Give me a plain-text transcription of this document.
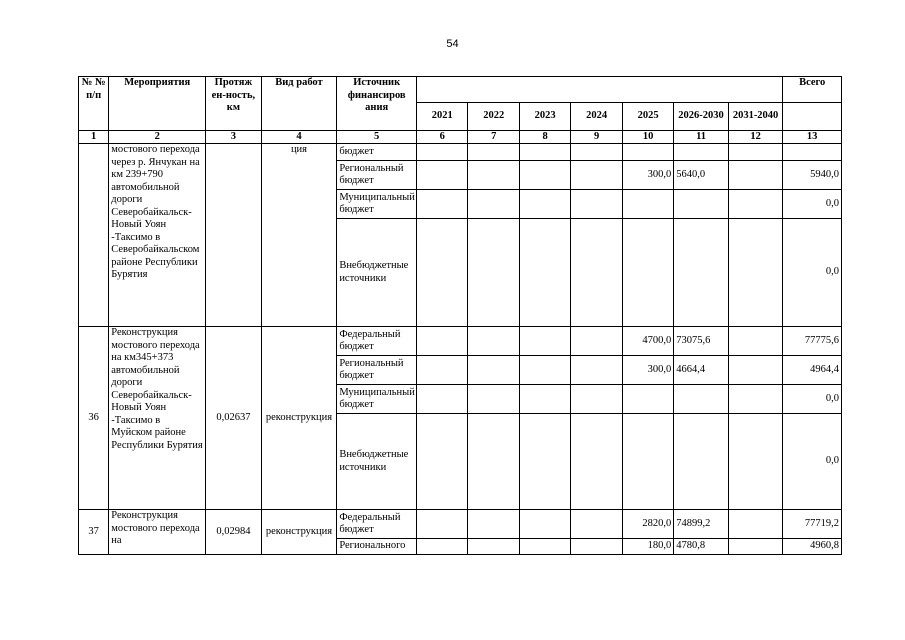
54
№ № п/п	Мероприятия	Протяж ен-ность, км	Вид работ	Источник финансиров ания								Всего
					2021	2022	2023	2024	2025	2026-2030	2031-2040	
1	2	3	4	5	6	7	8	9	10	11	12	13
	мостового перехода через р. Янчукан на км 239+790 автомобильной дороги Северобайкальск-Новый Уоян -Таксимо в Северобайкальском районе Республики Бурятия		ция	бюджет								
				Региональный бюджет					300,0	5640,0		5940,0
				Муниципальный бюджет								0,0
				Внебюджетные источники								0,0
36	Реконструкция мостового перехода на км345+373 автомобильной дороги Северобайкальск-Новый Уоян -Таксимо в Муйском районе Республики Бурятия	0,02637	реконструкция	Федеральный бюджет					4700,0	73075,6		77775,6
				Региональный бюджет					300,0	4664,4		4964,4
				Муниципальный бюджет								0,0
				Внебюджетные источники								0,0
37	Реконструкция мостового перехода на	0,02984	реконструкция	Федеральный бюджет					2820,0	74899,2		77719,2
				Регионального					180,0	4780,8		4960,8
